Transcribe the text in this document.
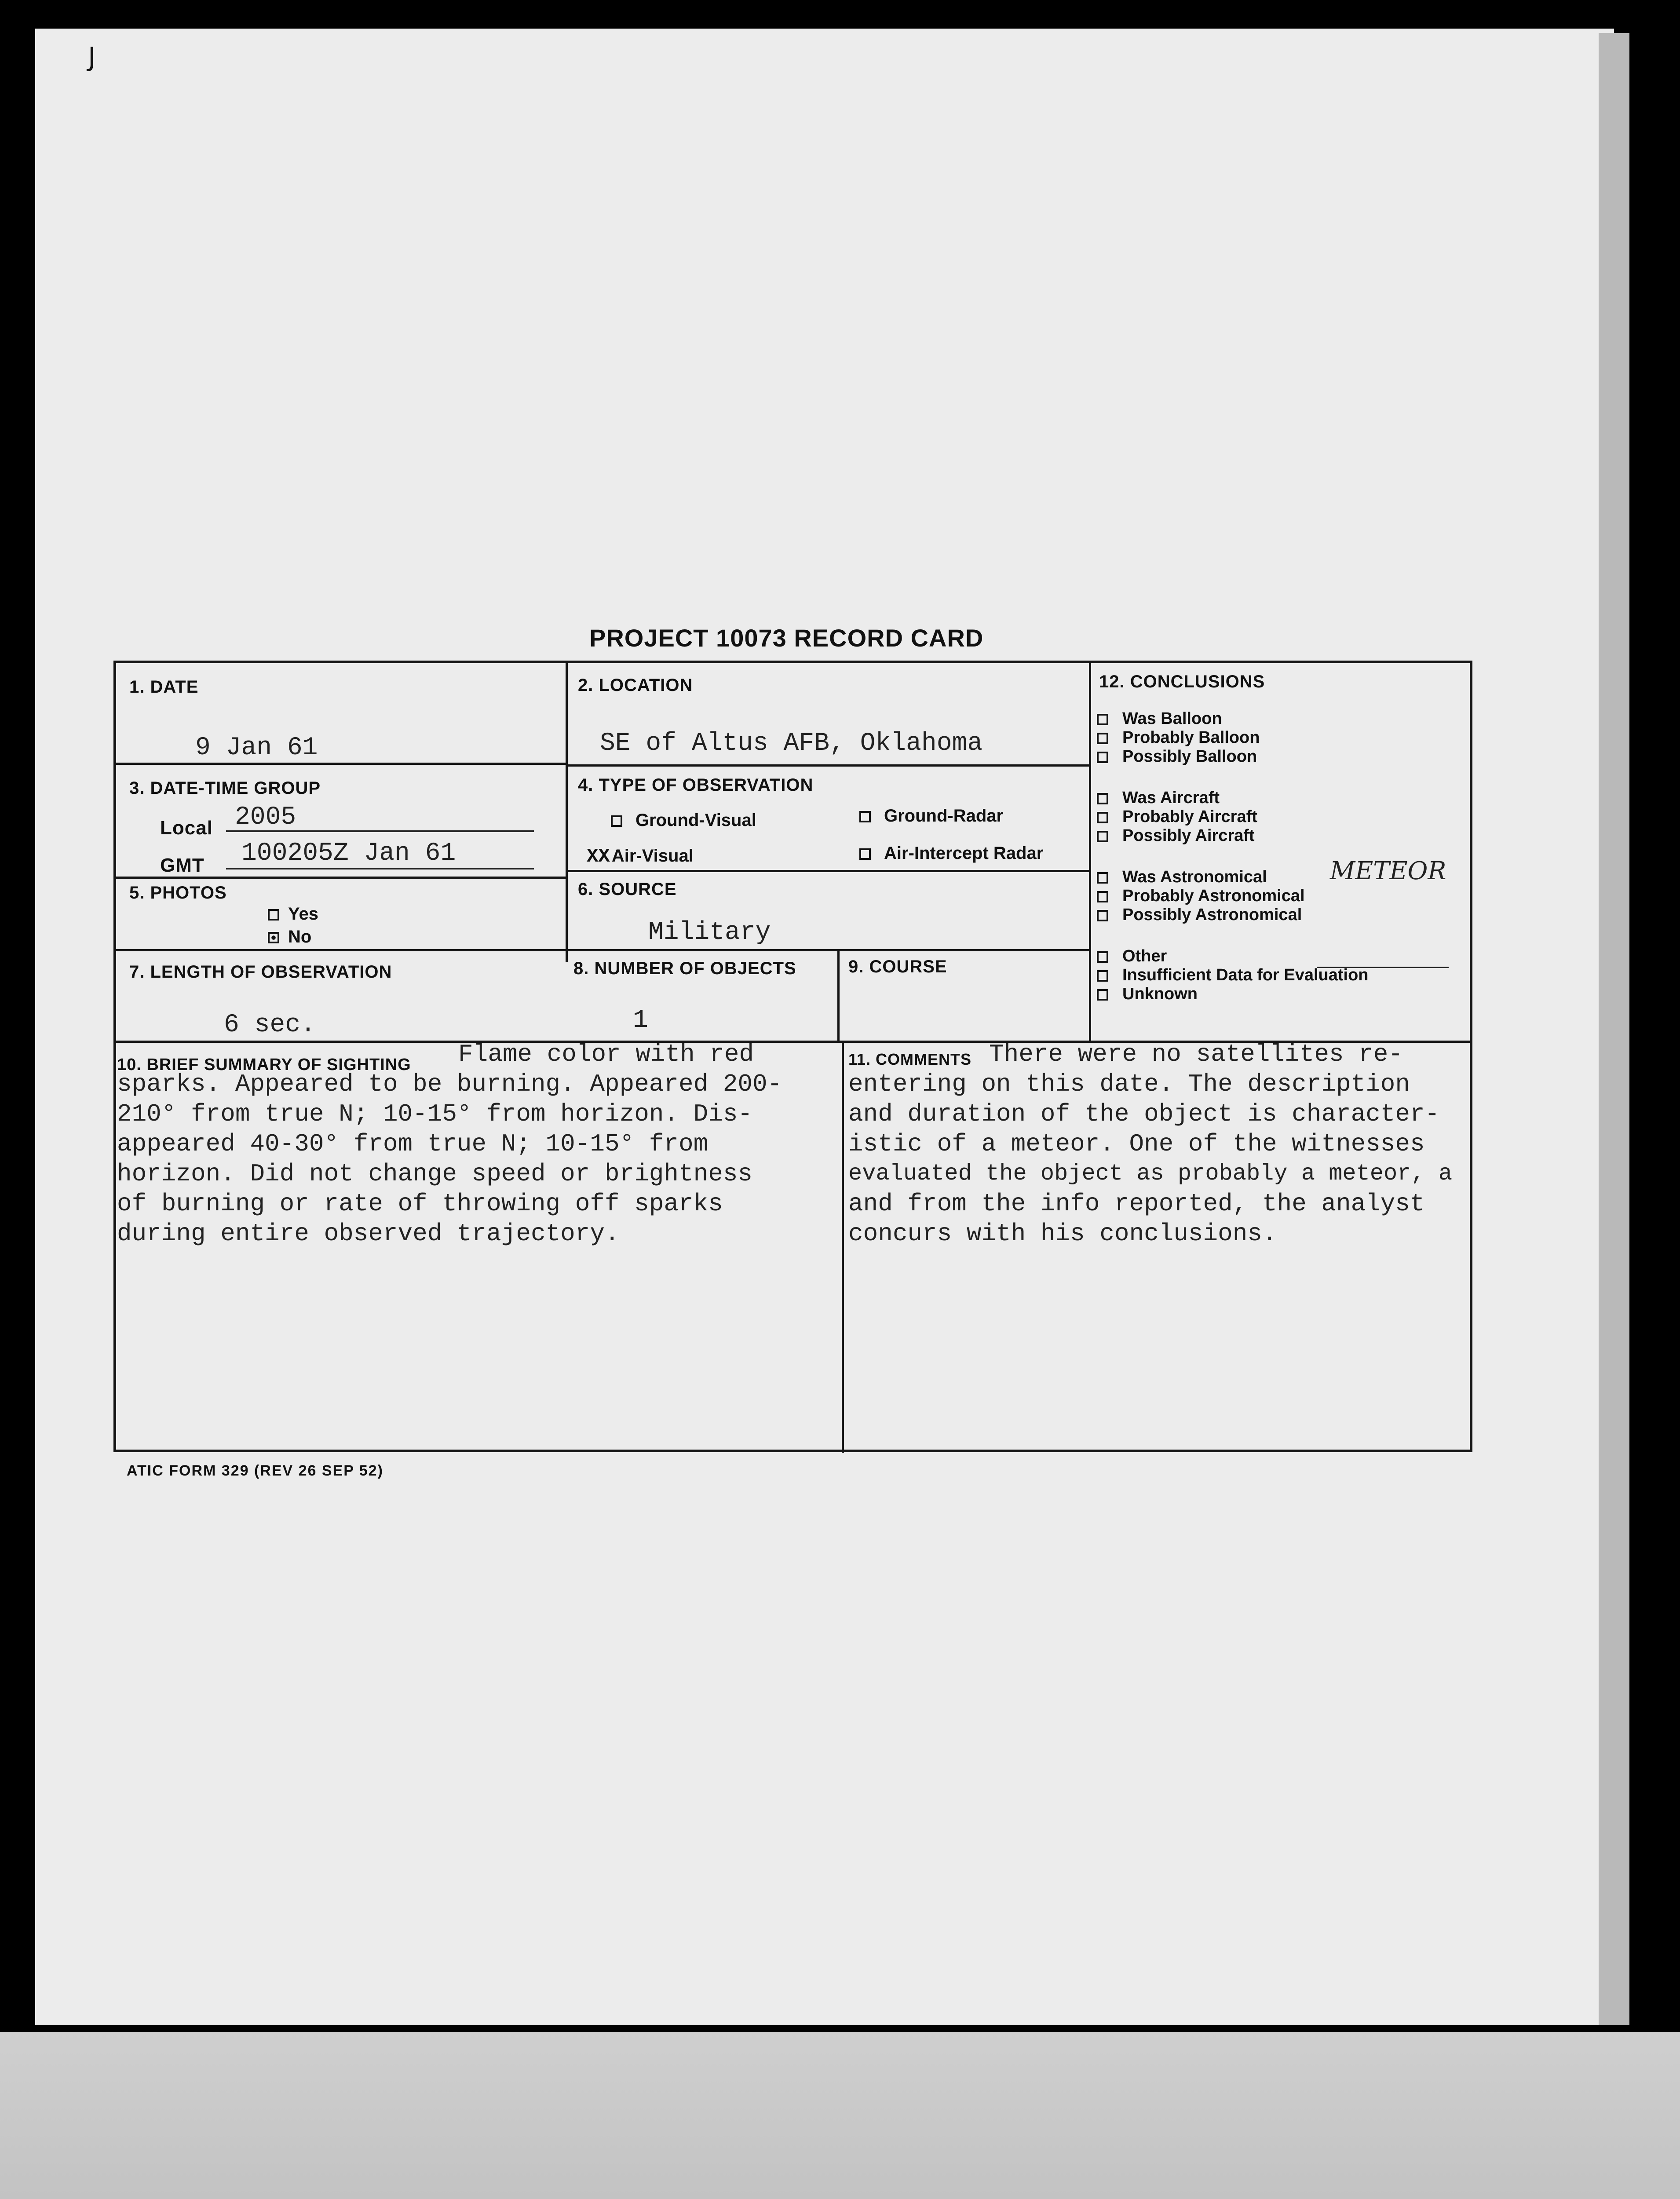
J
PROJECT 10073 RECORD CARD
1. DATE
9 Jan 61
2. LOCATION
SE of Altus AFB, Oklahoma
3. DATE-TIME GROUP
Local 2005
GMT 100205Z Jan 61
4. TYPE OF OBSERVATION
Ground-Visual	Ground-Radar
XX Air-Visual	Air-Intercept Radar
5. PHOTOS
Yes
No
6. SOURCE
Military
7. LENGTH OF OBSERVATION
6 sec.
8. NUMBER OF OBJECTS
1
9. COURSE
12. CONCLUSIONS
Was Balloon
Probably Balloon
Possibly Balloon
Was Aircraft
Probably Aircraft
Possibly Aircraft
Was Astronomical
Probably Astronomical
Possibly Astronomical
Other
Insufficient Data for Evaluation
Unknown
METEOR
10. BRIEF SUMMARY OF SIGHTING Flame color with red
sparks. Appeared to be burning. Appeared 200-
210° from true N; 10-15° from horizon. Dis-
appeared 40-30° from true N; 10-15° from
horizon. Did not change speed or brightness
of burning or rate of throwing off sparks
during entire observed trajectory.
11. COMMENTS There were no satellites re-
entering on this date. The description
and duration of the object is character-
istic of a meteor. One of the witnesses
evaluated the object as probably a meteor, a
and from the info reported, the analyst
concurs with his conclusions.
ATIC FORM 329 (REV 26 SEP 52)
